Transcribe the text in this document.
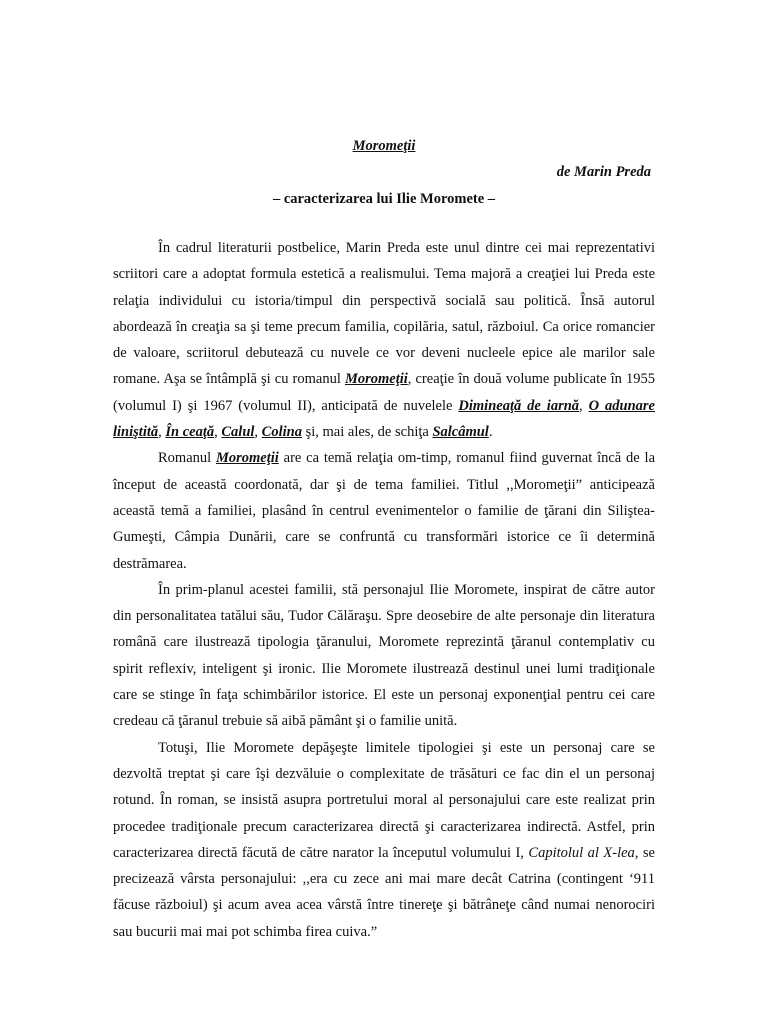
Moromeţii
de Marin Preda
– caracterizarea lui Ilie Moromete –

În cadrul literaturii postbelice, Marin Preda este unul dintre cei mai reprezentativi scriitori care a adoptat formula estetică a realismului. Tema majoră a creaţiei lui Preda este relaţia individului cu istoria/timpul din perspectivă socială sau politică. Însă autorul abordează în creaţia sa şi teme precum familia, copilăria, satul, războiul. Ca orice romancier de valoare, scriitorul debutează cu nuvele ce vor deveni nucleele epice ale marilor sale romane. Aşa se întâmplă şi cu romanul Moromeţii, creaţie în două volume publicate în 1955 (volumul I) şi 1967 (volumul II), anticipată de nuvelele Dimineaţă de iarnă, O adunare liniştită, În ceaţă, Calul, Colina şi, mai ales, de schiţa Salcâmul.

Romanul Moromeţii are ca temă relaţia om-timp, romanul fiind guvernat încă de la început de această coordonată, dar şi de tema familiei. Titlul ,,Moromeţii” anticipează această temă a familiei, plasând în centrul evenimentelor o familie de ţărani din Siliştea-Gumeşti, Câmpia Dunării, care se confruntă cu transformări istorice ce îi determină destrămarea.

În prim-planul acestei familii, stă personajul Ilie Moromete, inspirat de către autor din personalitatea tatălui său, Tudor Călăraşu. Spre deosebire de alte personaje din literatura română care ilustrează tipologia ţăranului, Moromete reprezintă ţăranul contemplativ cu spirit reflexiv, inteligent şi ironic. Ilie Moromete ilustrează destinul unei lumi tradiţionale care se stinge în faţa schimbărilor istorice. El este un personaj exponenţial pentru cei care credeau că ţăranul trebuie să aibă pământ şi o familie unită.

Totuşi, Ilie Moromete depăşeşte limitele tipologiei şi este un personaj care se dezvoltă treptat şi care îşi dezvăluie o complexitate de trăsături ce fac din el un personaj rotund. În roman, se insistă asupra portretului moral al personajului care este realizat prin procedee tradiţionale precum caracterizarea directă şi caracterizarea indirectă. Astfel, prin caracterizarea directă făcută de către narator la începutul volumului I, Capitolul al X-lea, se precizează vârsta personajului: ,,era cu zece ani mai mare decât Catrina (contingent ‘911 făcuse războiul) şi acum avea acea vârstă între tinereţe şi bătrâneţe când numai nenorociri sau bucurii mai mai pot schimba firea cuiva.”
